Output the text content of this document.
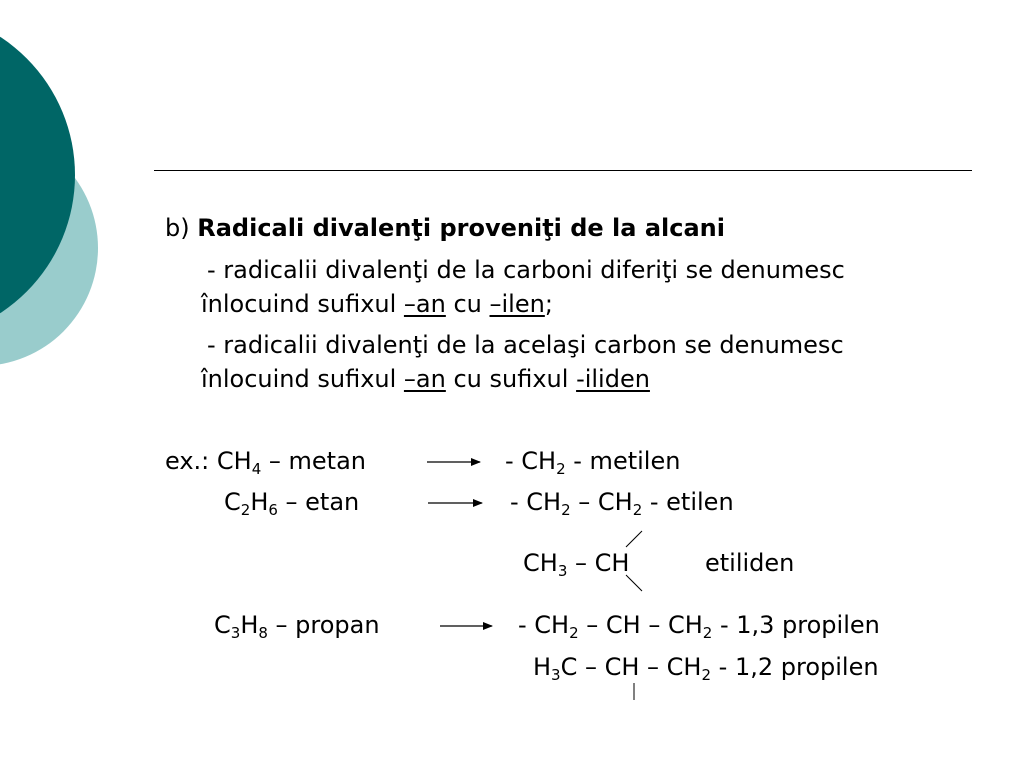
b) Radicali divalenţi proveniţi de la alcani
- radicalii divalenţi de la carboni diferiţi se denumesc
înlocuind sufixul –an cu –ilen;
- radicalii divalenţi de la acelaşi carbon se denumesc
înlocuind sufixul –an cu sufixul -iliden
ex.: $CH_4$ – metan	- $CH_2$ - metilen
$C_2H_6$ – etan	- $CH_2 - CH_2$ - etilen
$CH_3$ – CH	etiliden
$C_3H_8$ – propan	- $CH_2$ – CH – $CH_2 - 1,3$ propilen
$H_3C$ – CH – $CH_2 - 1,2$ propilen
